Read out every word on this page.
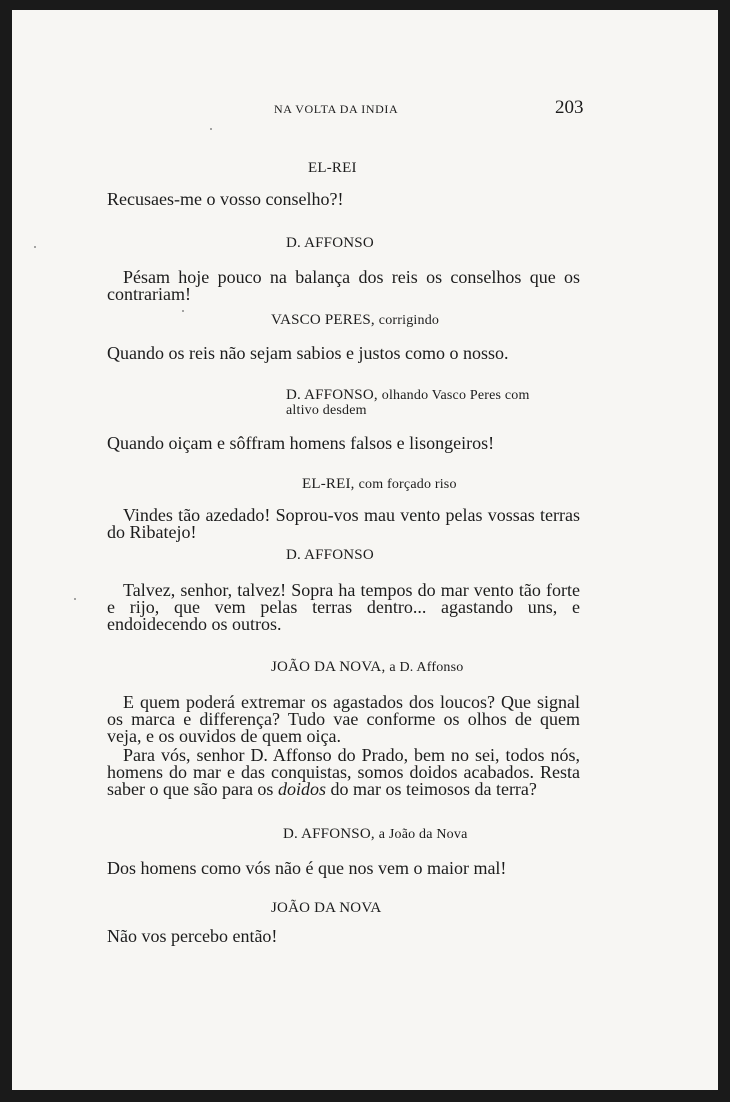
NA VOLTA DA INDIA	203
EL-REI
Recusaes-me o vosso conselho?!
D. AFFONSO
Pésam hoje pouco na balança dos reis os conselhos que os contrariam!
VASCO PERES, corrigindo
Quando os reis não sejam sabios e justos como o nosso.
D. AFFONSO, olhando Vasco Peres com altivo desdem
Quando oiçam e sôffram homens falsos e lisongeiros!
EL-REI, com forçado riso
Vindes tão azedado! Soprou-vos mau vento pelas vossas terras do Ribatejo!
D. AFFONSO
Talvez, senhor, talvez! Sopra ha tempos do mar vento tão forte e rijo, que vem pelas terras dentro... agastando uns, e endoidecendo os outros.
JOÃO DA NOVA, a D. Affonso
E quem poderá extremar os agastados dos loucos? Que signal os marca e differença? Tudo vae conforme os olhos de quem veja, e os ouvidos de quem oiça.
Para vós, senhor D. Affonso do Prado, bem no sei, todos nós, homens do mar e das conquistas, somos doidos acabados. Resta saber o que são para os doidos do mar os teimosos da terra?
D. AFFONSO, a João da Nova
Dos homens como vós não é que nos vem o maior mal!
JOÃO DA NOVA
Não vos percebo então!
